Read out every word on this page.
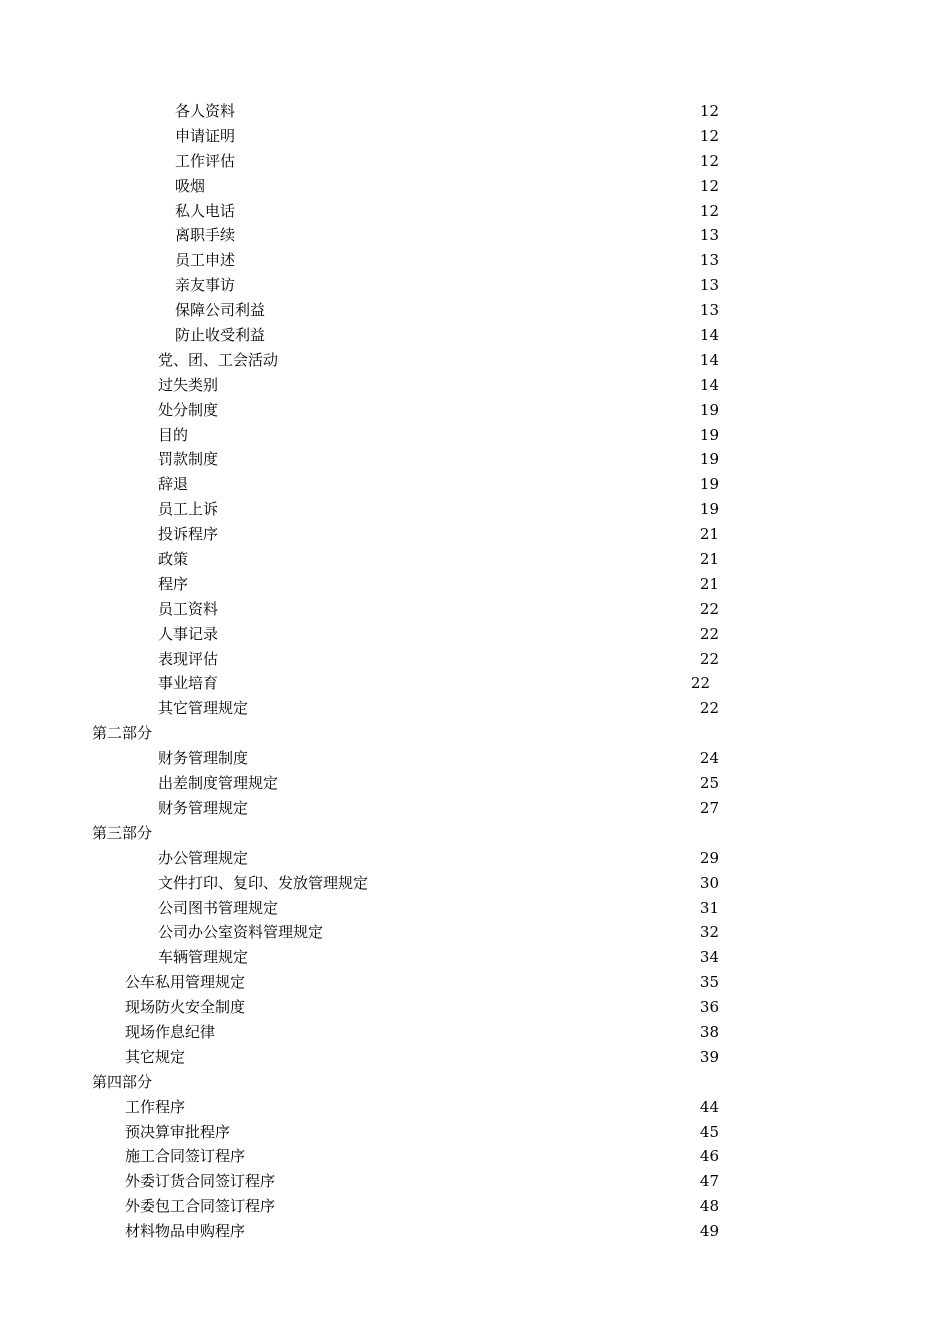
各人资料	12
申请证明	12
工作评估	12
吸烟	12
私人电话	12
离职手续	13
员工申述	13
亲友事访	13
保障公司利益	13
防止收受利益	14
党、团、工会活动	14
过失类别	14
处分制度	19
目的	19
罚款制度	19
辞退	19
员工上诉	19
投诉程序	21
政策	21
程序	21
员工资料	22
人事记录	22
表现评估	22
事业培育	22
其它管理规定	22
第二部分
财务管理制度	24
出差制度管理规定	25
财务管理规定	27
第三部分
办公管理规定	29
文件打印、复印、发放管理规定	30
公司图书管理规定	31
公司办公室资料管理规定	32
车辆管理规定	34
公车私用管理规定	35
现场防火安全制度	36
现场作息纪律	38
其它规定	39
第四部分
工作程序	44
预决算审批程序	45
施工合同签订程序	46
外委订货合同签订程序	47
外委包工合同签订程序	48
材料物品申购程序	49
